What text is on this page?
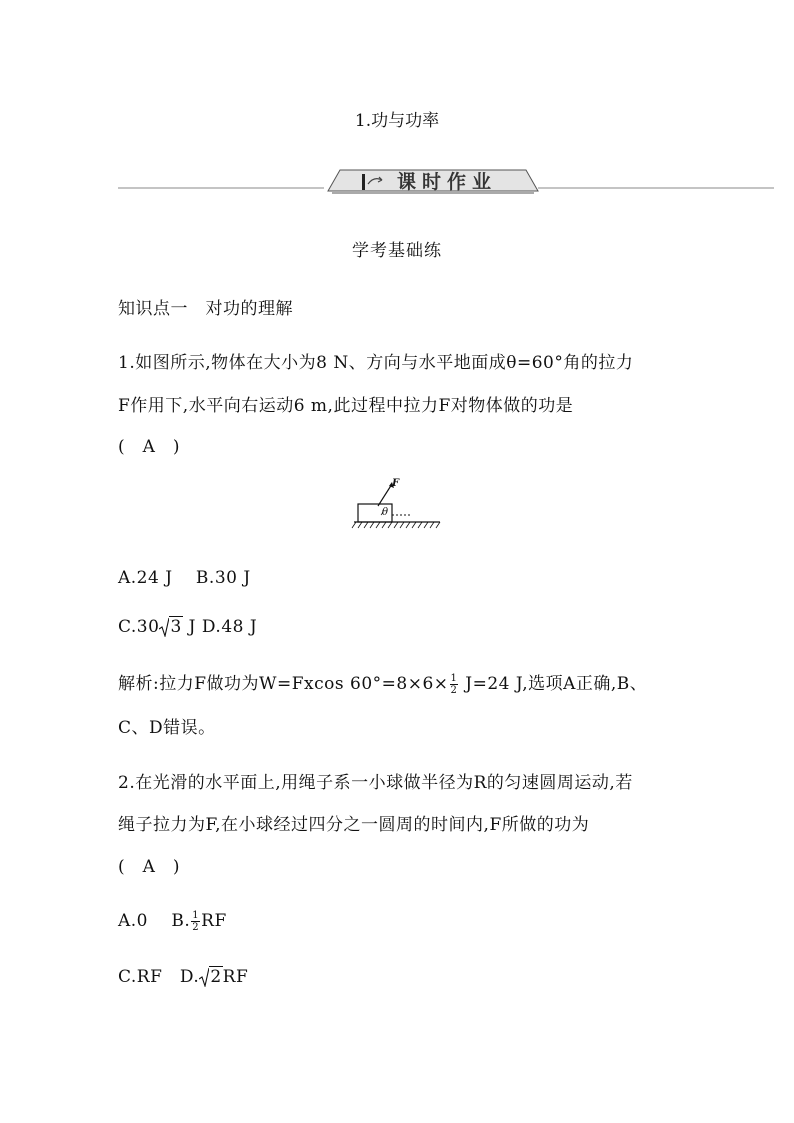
1.功与功率
课时作业
学考基础练
知识点一　对功的理解
1.如图所示,物体在大小为8 N、方向与水平地面成θ=60°角的拉力
F作用下,水平向右运动6 m,此过程中拉力F对物体做的功是
(　A　)
F
θ
A.24 J　 B.30 J
C.30 3 J D.48 J
解析:拉力F做功为W=Fxcos $60^\circ=8\times 6\times \frac{1}{2} J=24$ J,选项A正确,B、
C、D错误。
2.在光滑的水平面上,用绳子系一小球做半径为R的匀速圆周运动,若
绳子拉力为F,在小球经过四分之一圆周的时间内,F所做的功为
(　A　)
A.0　 B. $\frac{1}{2}$ RF
C.RF　D. 2RF
